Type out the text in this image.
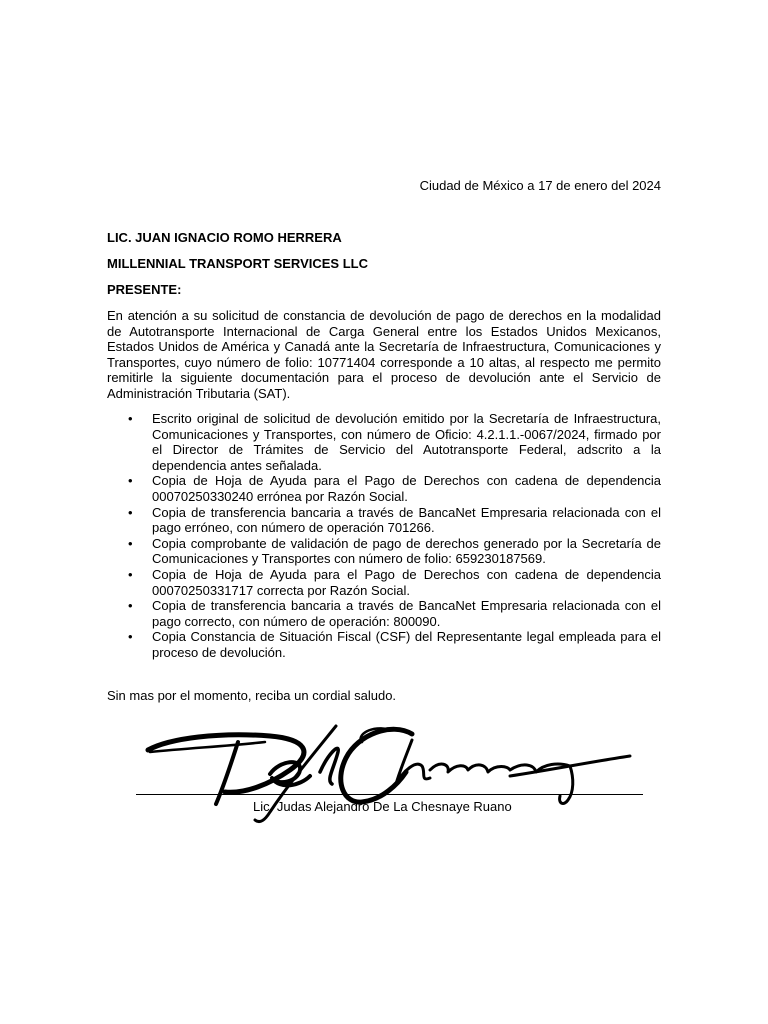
Ciudad de México a 17 de enero del 2024
LIC. JUAN IGNACIO ROMO HERRERA
MILLENNIAL TRANSPORT SERVICES LLC
PRESENTE:

En atención a su solicitud de constancia de devolución de pago de derechos en la modalidad de Autotransporte Internacional de Carga General entre los Estados Unidos Mexicanos, Estados Unidos de América y Canadá ante la Secretaría de Infraestructura, Comunicaciones y Transportes, cuyo número de folio: 10771404 corresponde a 10 altas, al respecto me permito remitirle la siguiente documentación para el proceso de devolución ante el Servicio de Administración Tributaria (SAT).

• Escrito original de solicitud de devolución emitido por la Secretaría de Infraestructura, Comunicaciones y Transportes, con número de Oficio: 4.2.1.1.-0067/2024, firmado por el Director de Trámites de Servicio del Autotransporte Federal, adscrito a la dependencia antes señalada.
• Copia de Hoja de Ayuda para el Pago de Derechos con cadena de dependencia 00070250330240 errónea por Razón Social.
• Copia de transferencia bancaria a través de BancaNet Empresaria relacionada con el pago erróneo, con número de operación 701266.
• Copia comprobante de validación de pago de derechos generado por la Secretaría de Comunicaciones y Transportes con número de folio: 659230187569.
• Copia de Hoja de Ayuda para el Pago de Derechos con cadena de dependencia 00070250331717 correcta por Razón Social.
• Copia de transferencia bancaria a través de BancaNet Empresaria relacionada con el pago correcto, con número de operación: 800090.
• Copia Constancia de Situación Fiscal (CSF) del Representante legal empleada para el proceso de devolución.
Sin mas por el momento, reciba un cordial saludo.
Lic. Judas Alejandro De La Chesnaye Ruano
